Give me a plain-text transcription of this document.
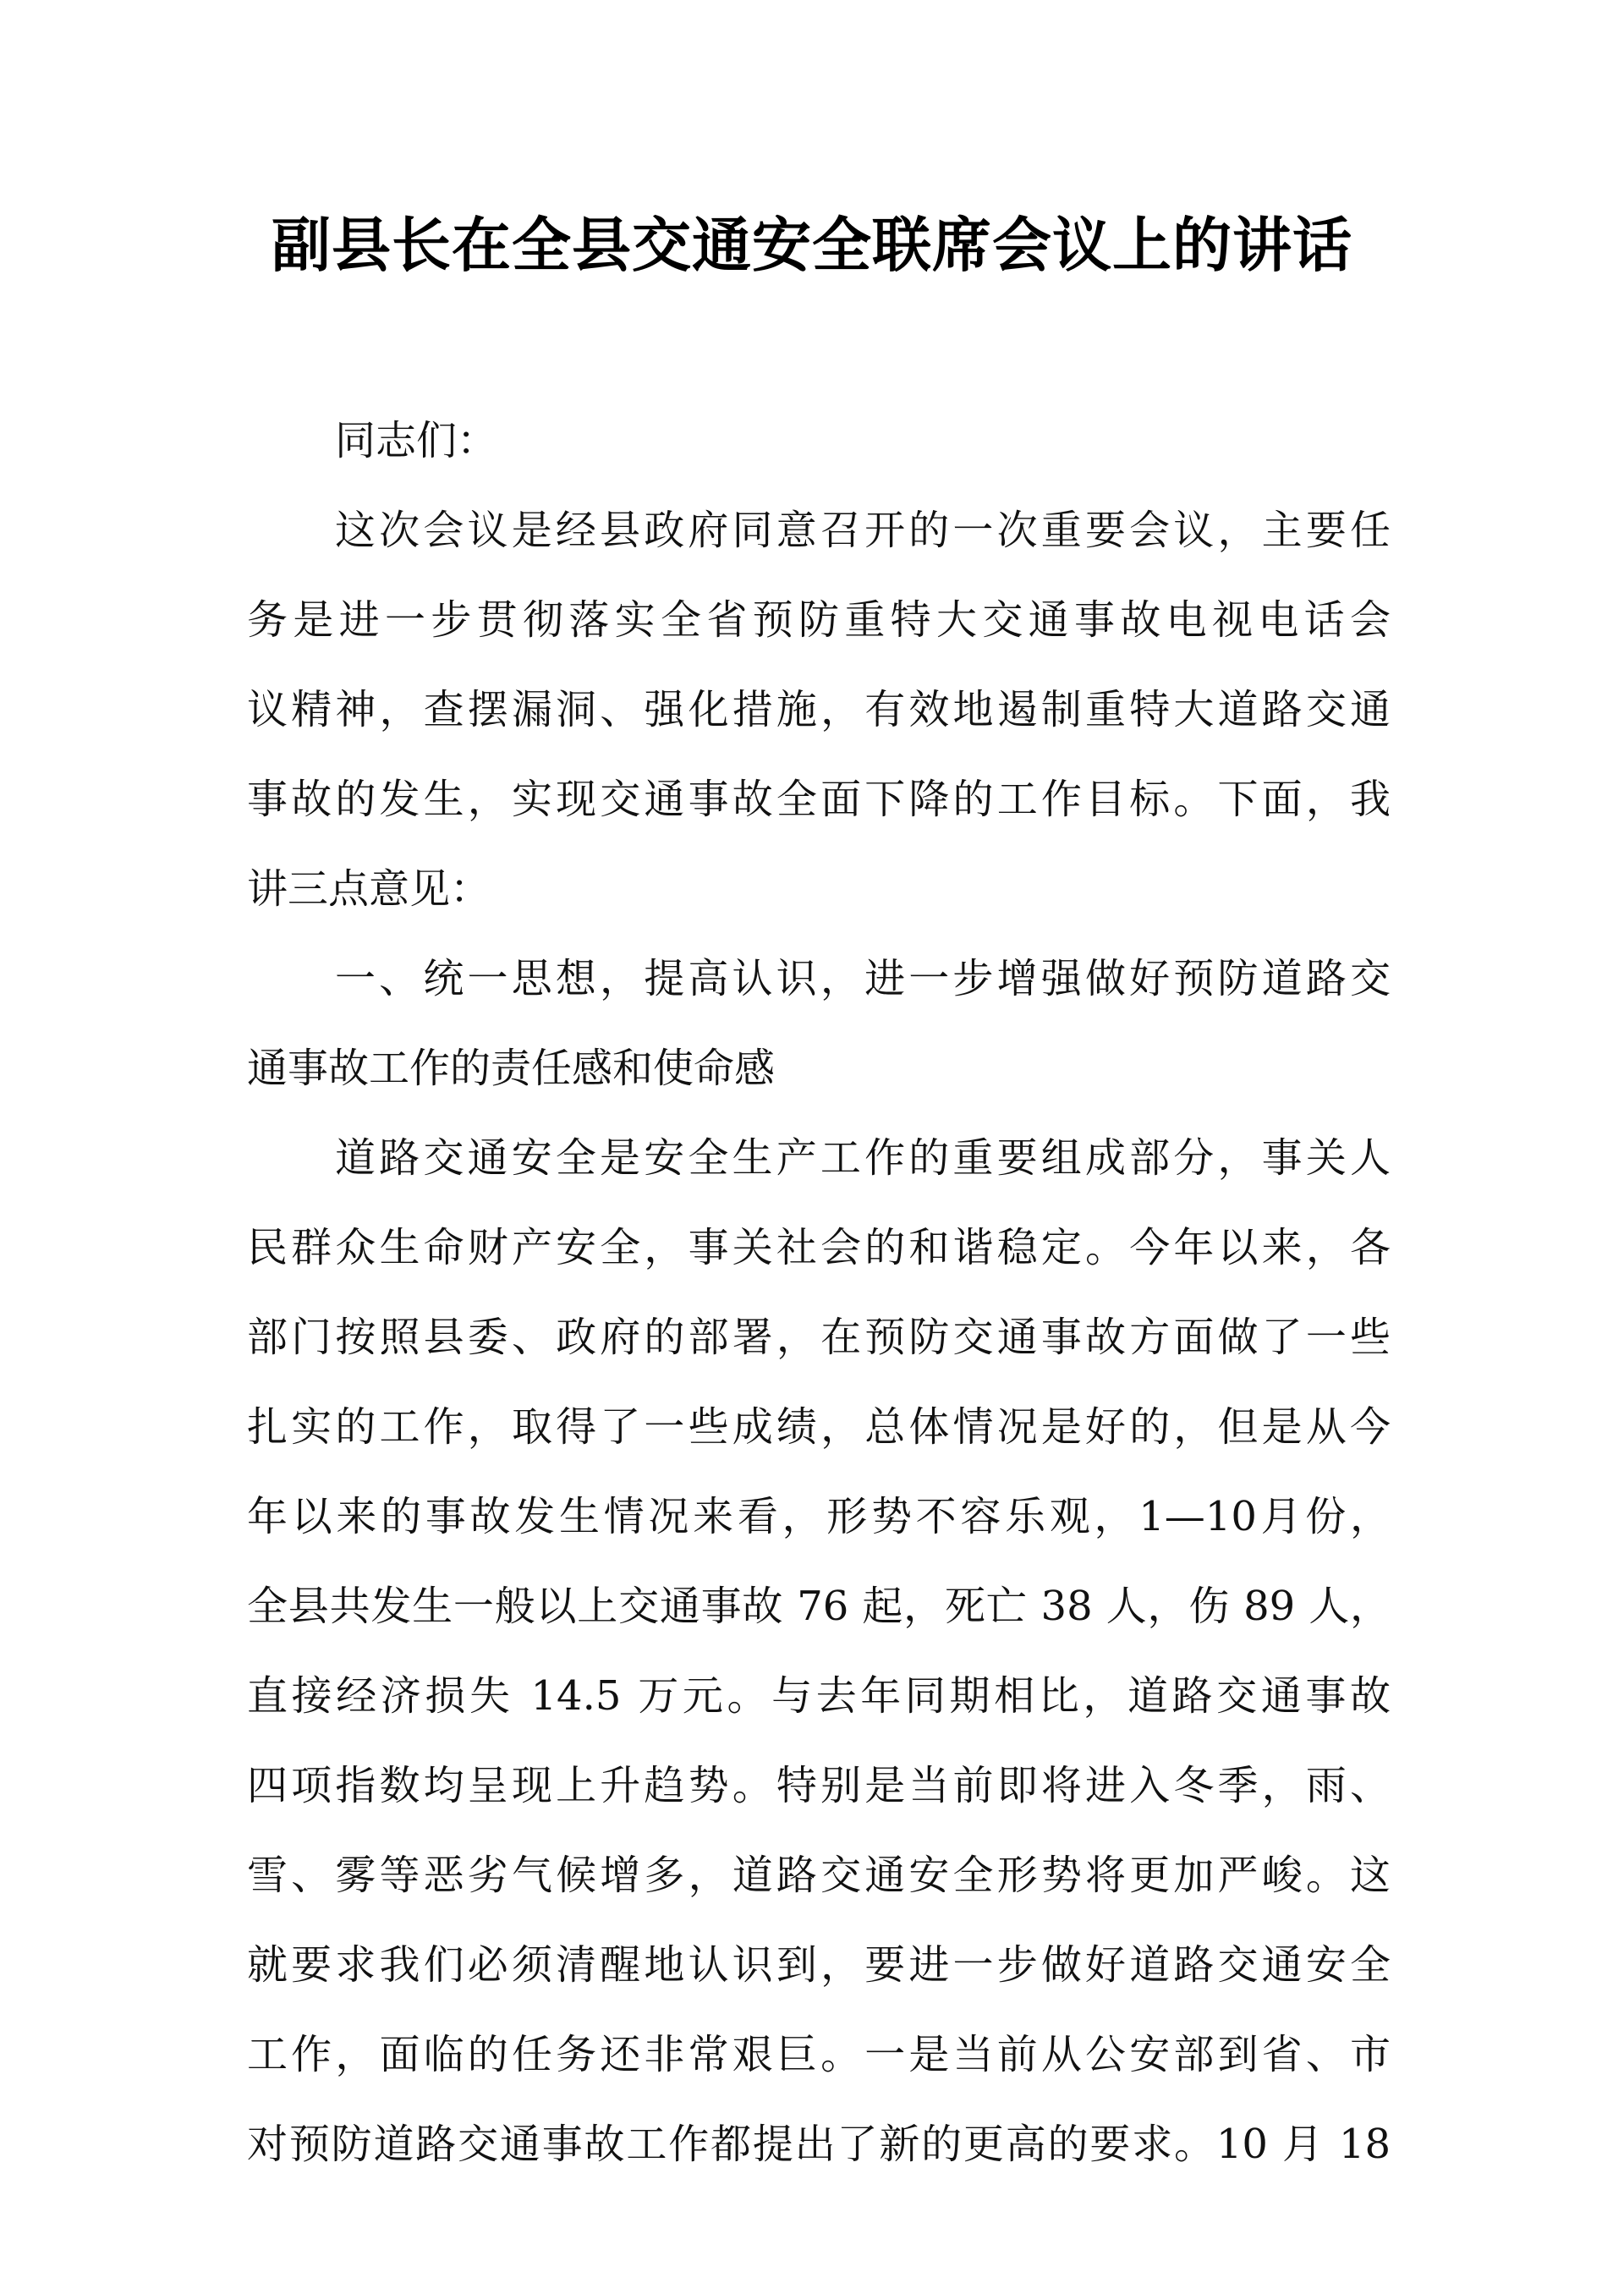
副县长在全县交通安全联席会议上的讲话
同志们：
这次会议是经县政府同意召开的一次重要会议，主要任
务是进一步贯彻落实全省预防重特大交通事故电视电话会
议精神，查摆漏洞、强化措施，有效地遏制重特大道路交通
事故的发生，实现交通事故全面下降的工作目标。下面，我
讲三点意见：
一、统一思想，提高认识，进一步增强做好预防道路交
通事故工作的责任感和使命感
道路交通安全是安全生产工作的重要组成部分，事关人
民群众生命财产安全，事关社会的和谐稳定。今年以来，各
部门按照县委、政府的部署，在预防交通事故方面做了一些
扎实的工作，取得了一些成绩，总体情况是好的，但是从今
年以来的事故发生情况来看，形势不容乐观，1—10月份，
全县共发生一般以上交通事故 76 起，死亡 38 人，伤 89 人，
直接经济损失 14.5 万元。与去年同期相比，道路交通事故
四项指数均呈现上升趋势。特别是当前即将进入冬季，雨、
雪、雾等恶劣气候增多，道路交通安全形势将更加严峻。这
就要求我们必须清醒地认识到，要进一步做好道路交通安全
工作，面临的任务还非常艰巨。一是当前从公安部到省、市
对预防道路交通事故工作都提出了新的更高的要求。10 月 18
